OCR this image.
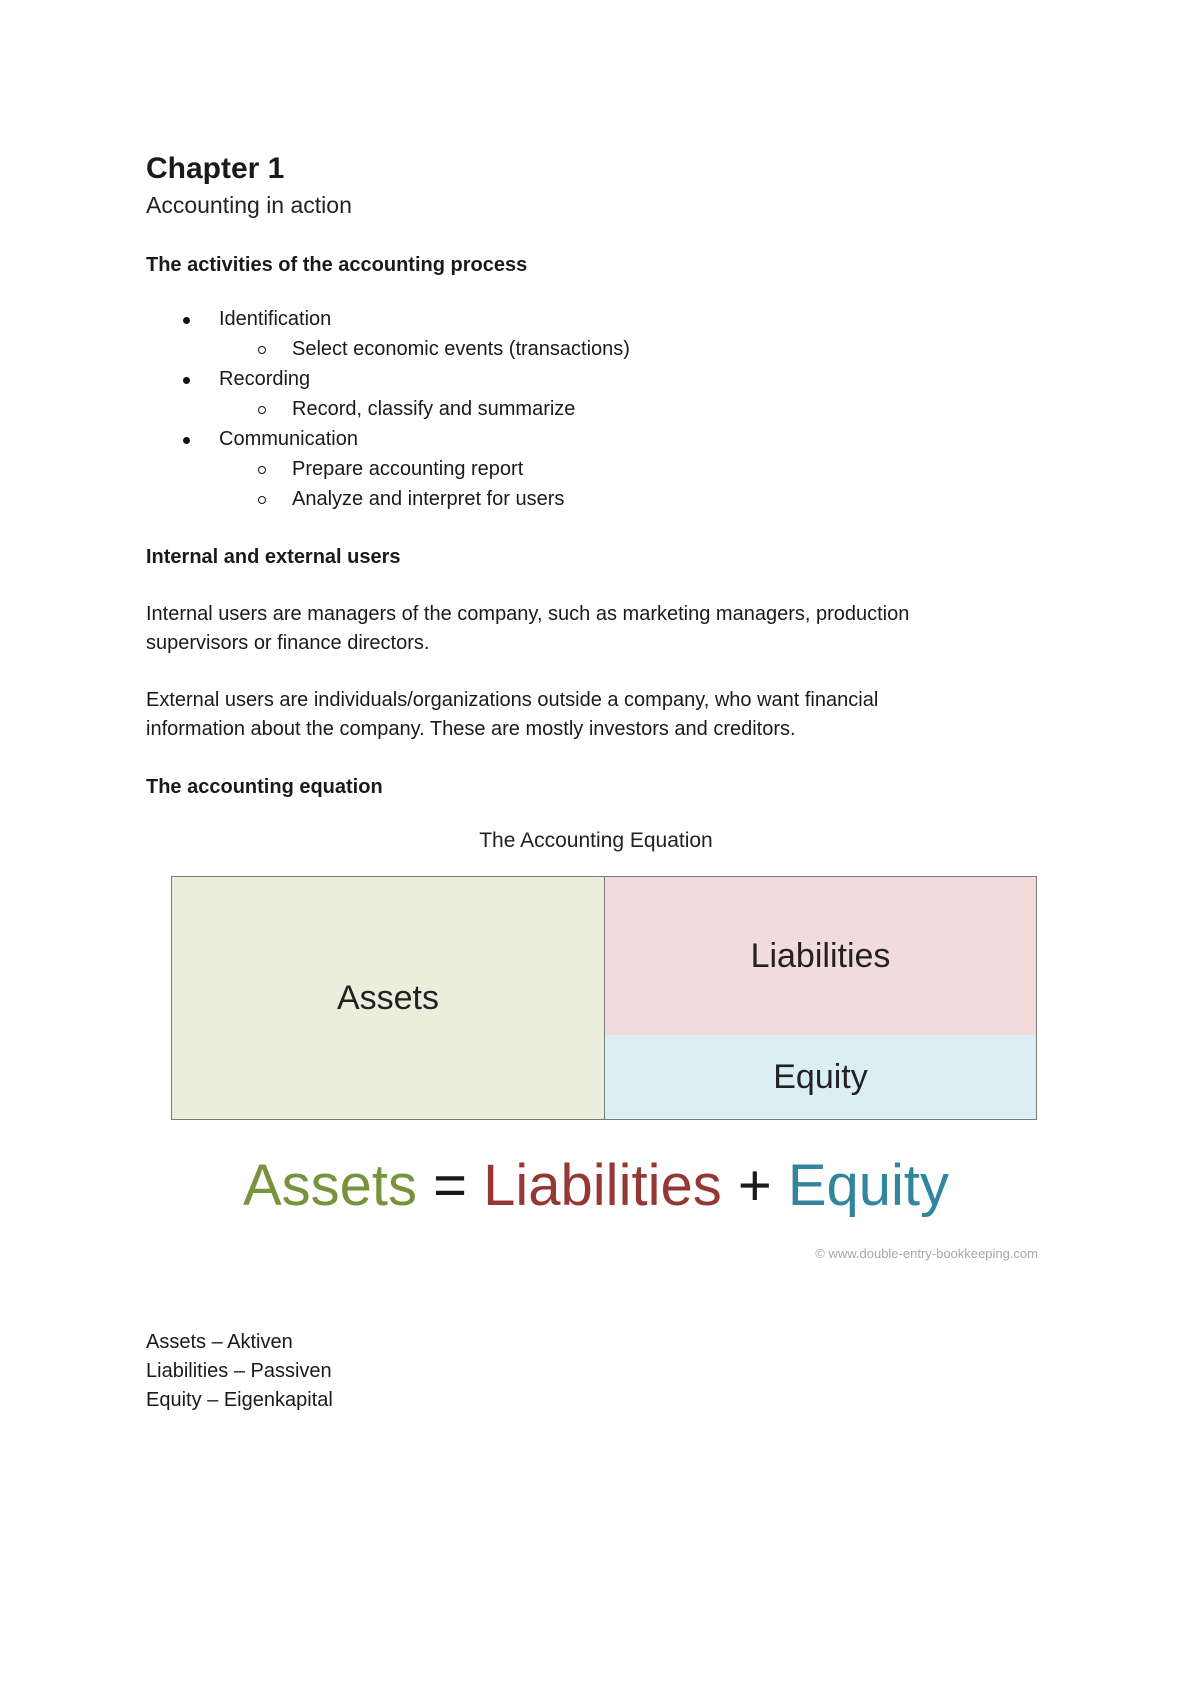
Chapter 1

Accounting in action

The activities of the accounting process
Identification
Select economic events (transactions)
Recording
Record, classify and summarize
Communication
Prepare accounting report
Analyze and interpret for users
Internal and external users

Internal users are managers of the company, such as marketing managers, production
supervisors or finance directors.

External users are individuals/organizations outside a company, who want financial
information about the company. These are mostly investors and creditors.

The accounting equation
The Accounting Equation
Assets
Liabilities
Equity
Assets = Liabilities + Equity
© www.double-entry-bookkeeping.com

Assets – Aktiven

Liabilities – Passiven

Equity – Eigenkapital
